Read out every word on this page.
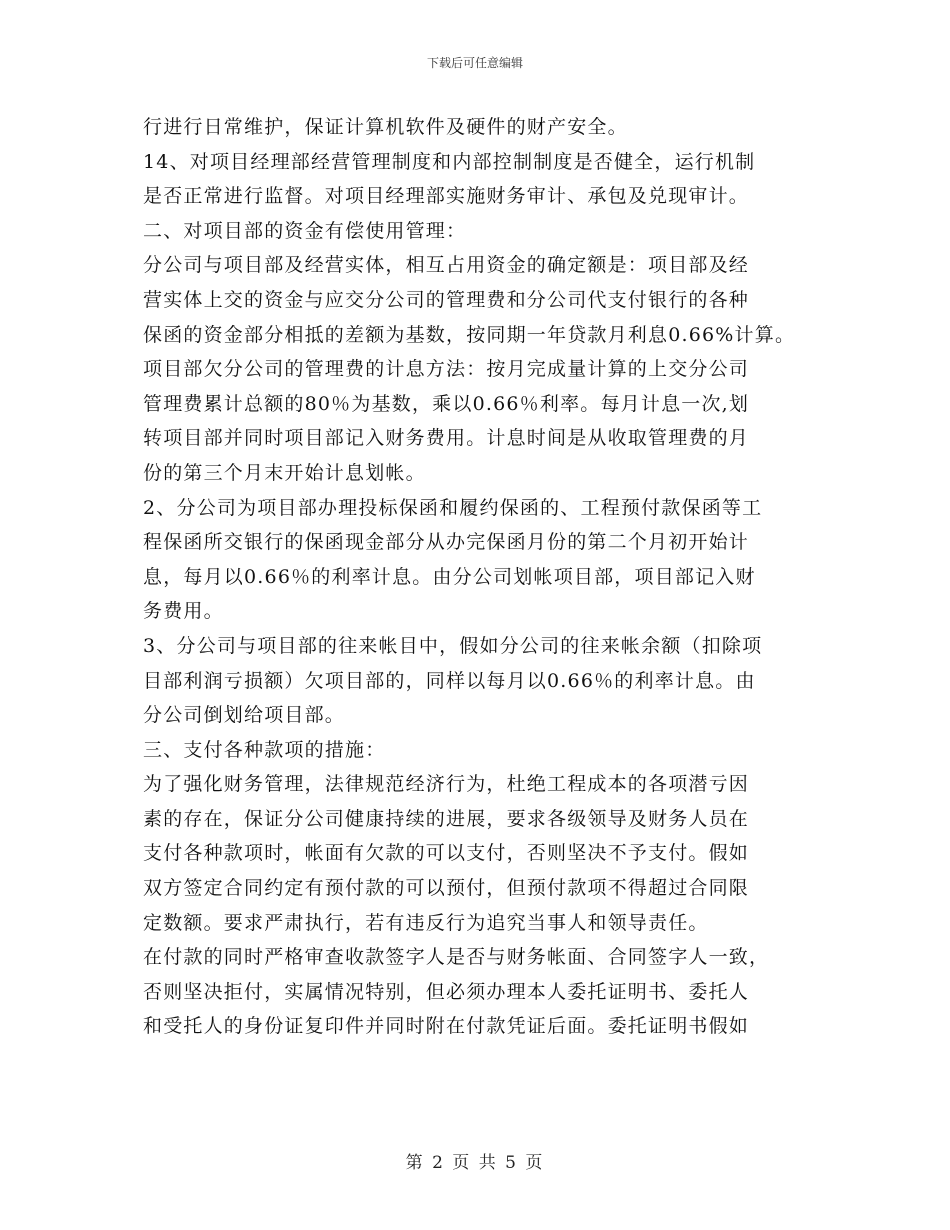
下载后可任意编辑
行进行日常维护，保证计算机软件及硬件的财产安全。
14、对项目经理部经营管理制度和内部控制制度是否健全，运行机制
是否正常进行监督。对项目经理部实施财务审计、承包及兑现审计。
二、对项目部的资金有偿使用管理：
分公司与项目部及经营实体，相互占用资金的确定额是：项目部及经
营实体上交的资金与应交分公司的管理费和分公司代支付银行的各种
保函的资金部分相抵的差额为基数，按同期一年贷款月利息0.66%计算。
项目部欠分公司的管理费的计息方法：按月完成量计算的上交分公司
管理费累计总额的80％为基数，乘以0.66％利率。每月计息一次,划
转项目部并同时项目部记入财务费用。计息时间是从收取管理费的月
份的第三个月末开始计息划帐。
2、分公司为项目部办理投标保函和履约保函的、工程预付款保函等工
程保函所交银行的保函现金部分从办完保函月份的第二个月初开始计
息，每月以0.66％的利率计息。由分公司划帐项目部，项目部记入财
务费用。
3、分公司与项目部的往来帐目中，假如分公司的往来帐余额（扣除项
目部利润亏损额）欠项目部的，同样以每月以0.66％的利率计息。由
分公司倒划给项目部。
三、支付各种款项的措施：
为了强化财务管理，法律规范经济行为，杜绝工程成本的各项潜亏因
素的存在，保证分公司健康持续的进展，要求各级领导及财务人员在
支付各种款项时，帐面有欠款的可以支付，否则坚决不予支付。假如
双方签定合同约定有预付款的可以预付，但预付款项不得超过合同限
定数额。要求严肃执行，若有违反行为追究当事人和领导责任。
在付款的同时严格审查收款签字人是否与财务帐面、合同签字人一致，
否则坚决拒付，实属情况特别，但必须办理本人委托证明书、委托人
和受托人的身份证复印件并同时附在付款凭证后面。委托证明书假如
第 2 页 共 5 页
